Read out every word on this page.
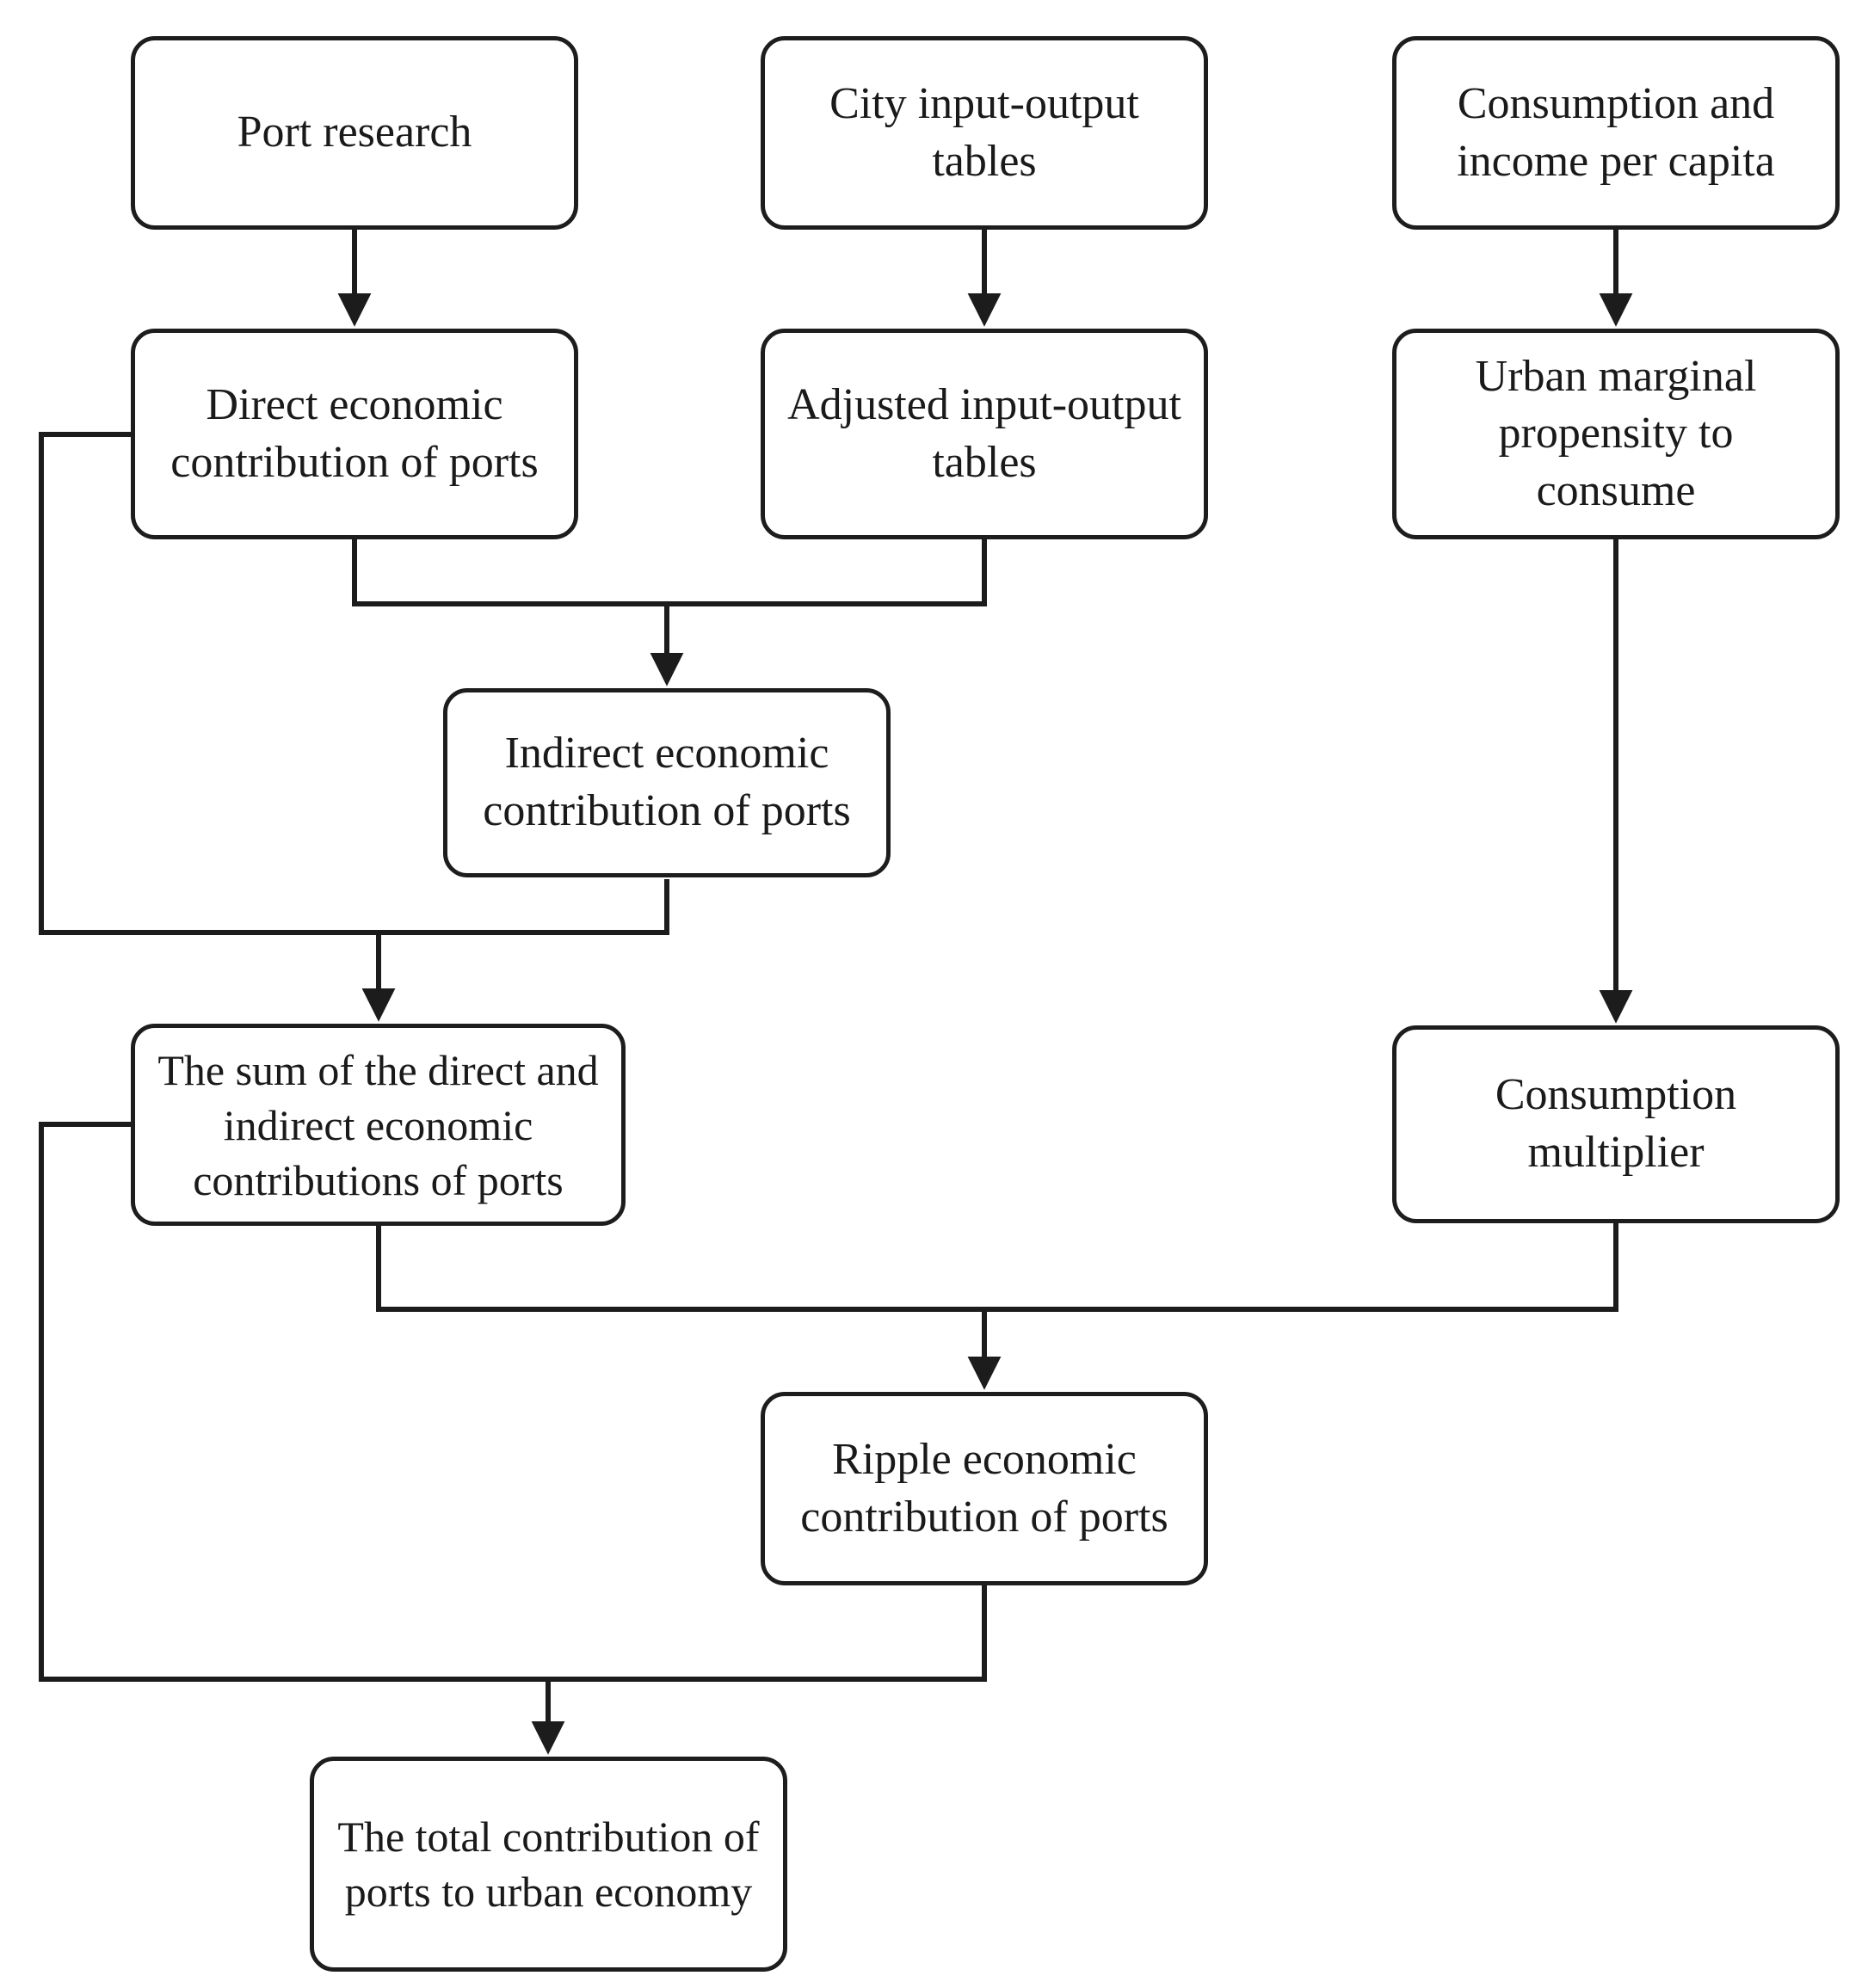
Port research
City input-output tables
Consumption and income per capita
Direct economic contribution of ports
Adjusted input-output tables
Urban marginal propensity to consume
Indirect economic contribution of ports
The sum of the direct and indirect economic contributions of ports
Consumption multiplier
Ripple economic contribution of ports
The total contribution of ports to urban economy
